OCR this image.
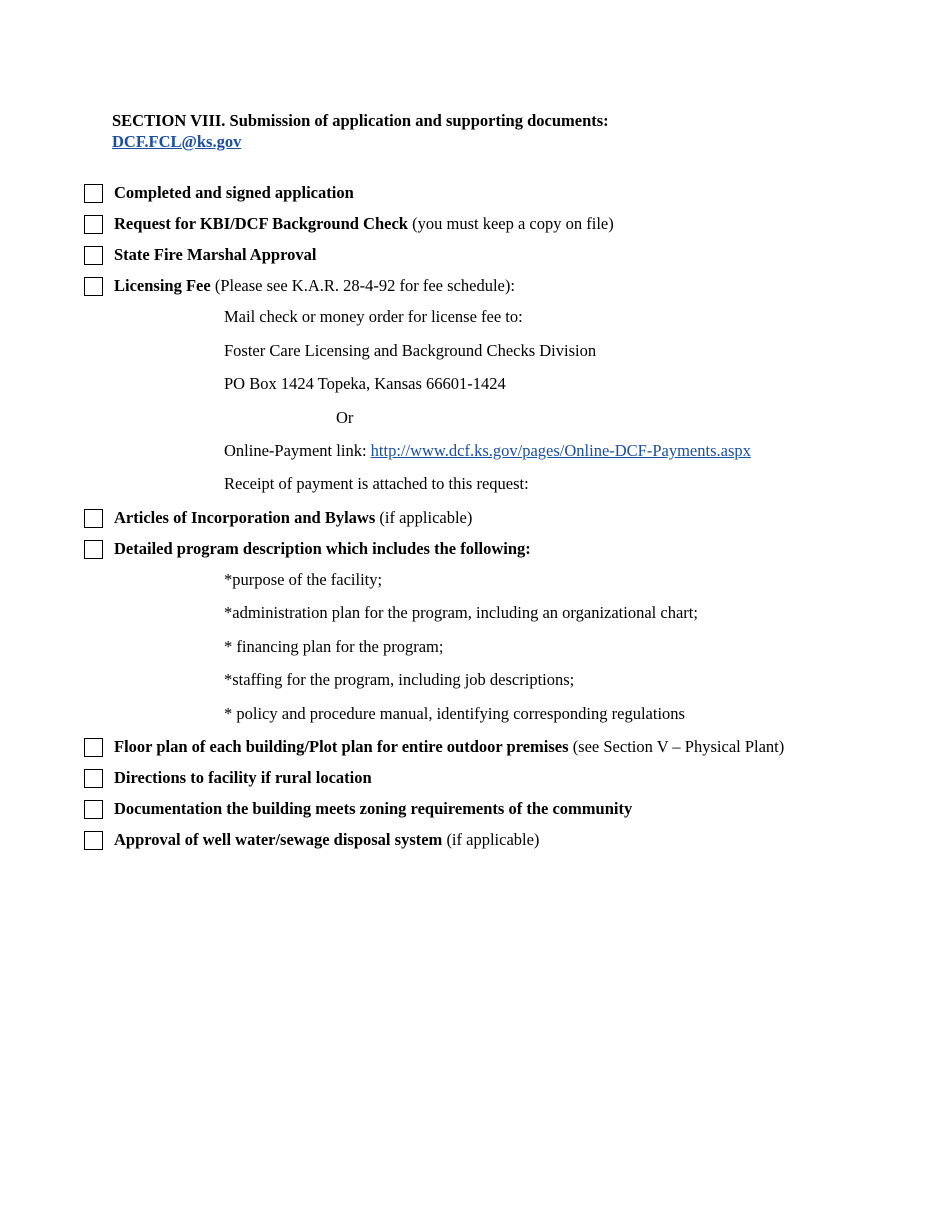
SECTION VIII. Submission of application and supporting documents:
DCF.FCL@ks.gov
Completed and signed application
Request for KBI/DCF Background Check (you must keep a copy on file)
State Fire Marshal Approval
Licensing Fee (Please see K.A.R. 28-4-92 for fee schedule):
Mail check or money order for license fee to:
Foster Care Licensing and Background Checks Division
PO Box 1424 Topeka, Kansas 66601-1424
Or
Online-Payment link: http://www.dcf.ks.gov/pages/Online-DCF-Payments.aspx
Receipt of payment is attached to this request:
Articles of Incorporation and Bylaws (if applicable)
Detailed program description which includes the following:
*purpose of the facility;
*administration plan for the program, including an organizational chart;
* financing plan for the program;
*staffing for the program, including job descriptions;
* policy and procedure manual, identifying corresponding regulations
Floor plan of each building/Plot plan for entire outdoor premises (see Section V – Physical Plant)
Directions to facility if rural location
Documentation the building meets zoning requirements of the community
Approval of well water/sewage disposal system (if applicable)
